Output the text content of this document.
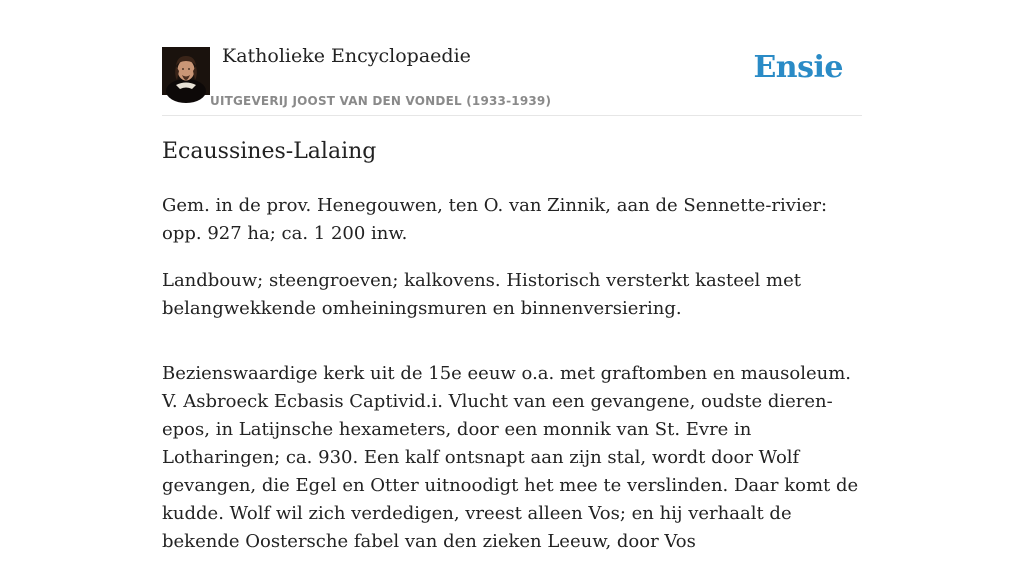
Katholieke Encyclopaedie
UITGEVERIJ JOOST VAN DEN VONDEL (1933-1939)
Ensie
Ecaussines-Lalaing

Gem. in de prov. Henegouwen, ten O. van Zinnik, aan de Sennette-rivier: opp. 927 ha; ca. 1 200 inw.

Landbouw; steengroeven; kalkovens. Historisch versterkt kasteel met belangwekkende omheiningsmuren en binnenversiering.

Bezienswaardige kerk uit de 15e eeuw o.a. met graftomben en mausoleum. V. Asbroeck Ecbasis Captivid.i. Vlucht van een gevangene, oudste dieren-epos, in Latijnsche hexameters, door een monnik van St. Evre in Lotharingen; ca. 930. Een kalf ontsnapt aan zijn stal, wordt door Wolf gevangen, die Egel en Otter uitnoodigt het mee te verslinden. Daar komt de kudde. Wolf wil zich verdedigen, vreest alleen Vos; en hij verhaalt de bekende Oostersche fabel van den zieken Leeuw, door Vos
